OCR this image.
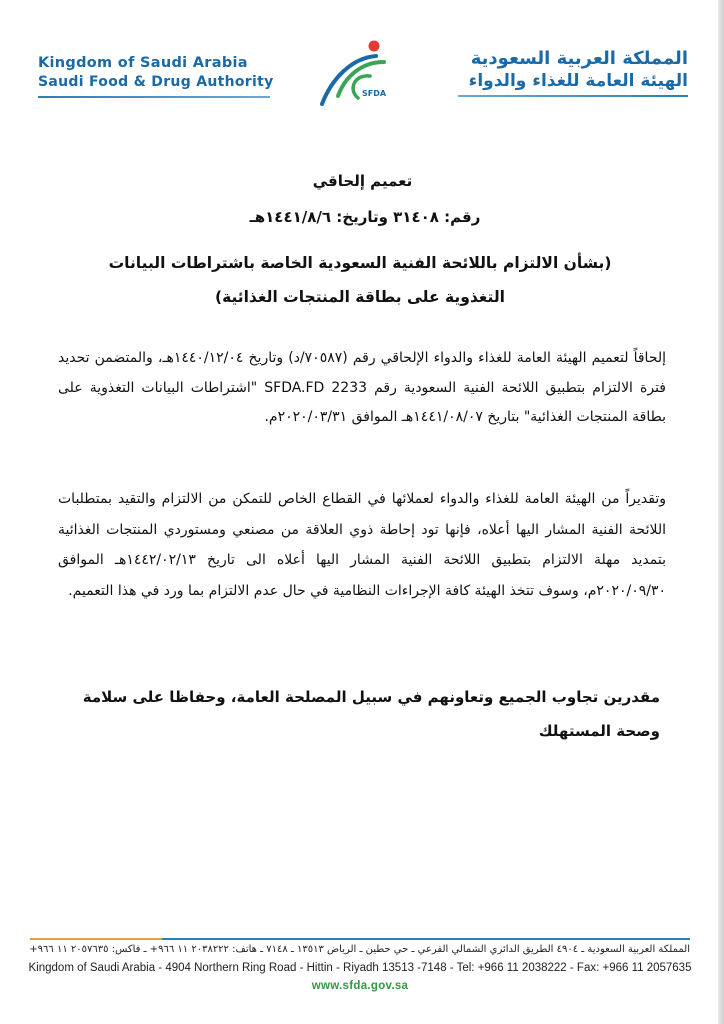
Kingdom of Saudi Arabia
Saudi Food & Drug Authority
SFDA
المملكة العربية السعودية
الهيئة العامة للغذاء والدواء
تعميم إلحاقي
رقم: ٣١٤٠٨ وتاريخ: ١٤٤١/٨/٦هـ
(بشأن الالتزام باللائحة الفنية السعودية الخاصة باشتراطات البيانات التغذوية على بطاقة المنتجات الغذائية)
إلحاقاً لتعميم الهيئة العامة للغذاء والدواء الإلحاقي رقم (٧٠٥٨٧/د) وتاريخ ١٤٤٠/١٢/٠٤هـ، والمتضمن تحديد فترة الالتزام بتطبيق اللائحة الفنية السعودية رقم SFDA.FD 2233 "اشتراطات البيانات التغذوية على بطاقة المنتجات الغذائية" بتاريخ ١٤٤١/٠٨/٠٧هـ الموافق ٢٠٢٠/٠٣/٣١م.
وتقديراً من الهيئة العامة للغذاء والدواء لعملائها في القطاع الخاص للتمكن من الالتزام والتقيد بمتطلبات اللائحة الفنية المشار اليها أعلاه، فإنها تود إحاطة ذوي العلاقة من مصنعي ومستوردي المنتجات الغذائية بتمديد مهلة الالتزام بتطبيق اللائحة الفنية المشار اليها أعلاه الى تاريخ ١٤٤٢/٠٢/١٣هـ الموافق ٢٠٢٠/٠٩/٣٠م، وسوف تتخذ الهيئة كافة الإجراءات النظامية في حال عدم الالتزام بما ورد في هذا التعميم.
مقدرين تجاوب الجميع وتعاونهم في سبيل المصلحة العامة، وحفاظا على سلامة وصحة المستهلك
المملكة العربية السعودية ـ ٤٩٠٤ الطريق الدائري الشمالي الفرعي ـ حي حطين ـ الرياض ١٣٥١٣ ـ ٧١٤٨ ـ هاتف: ٢٠٣٨٢٢٢ ١١ ٩٦٦+ ـ فاكس: ٢٠٥٧٦٣٥ ١١ ٩٦٦+
Kingdom of Saudi Arabia - 4904 Northern Ring Road - Hittin - Riyadh 13513 -7148 - Tel: +966 11 2038222 - Fax: +966 11 2057635
www.sfda.gov.sa
